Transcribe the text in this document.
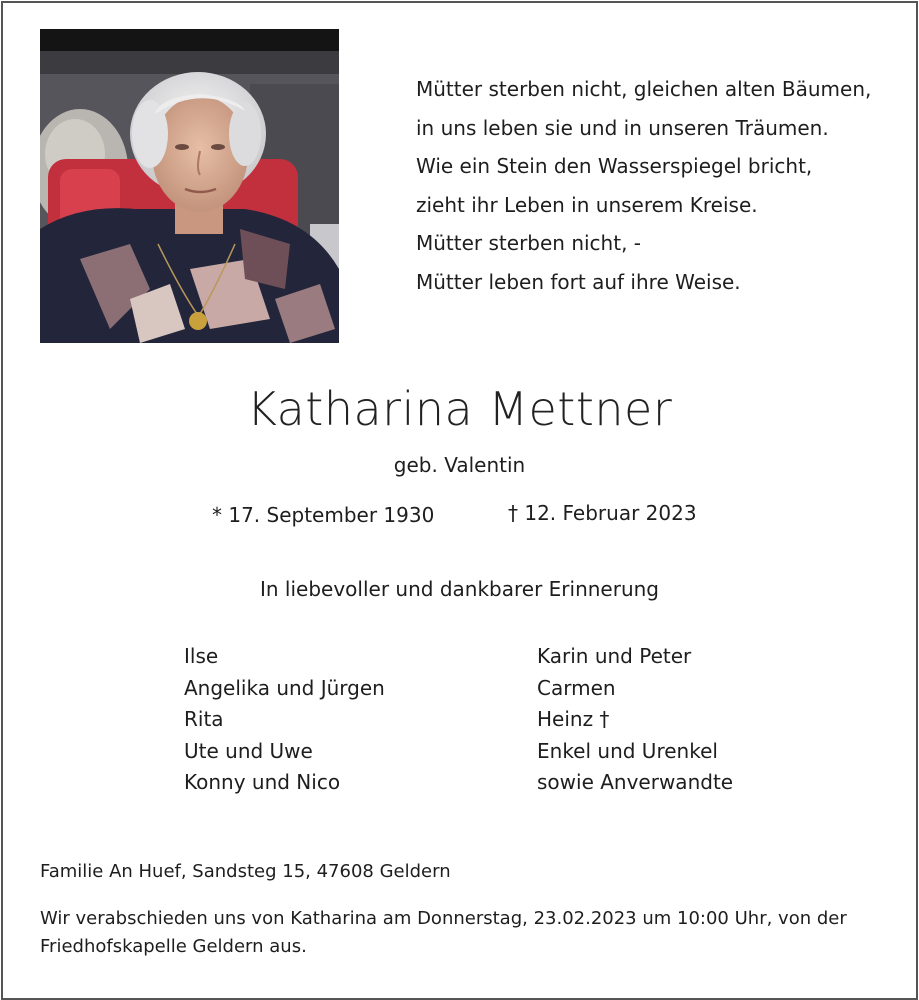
Mütter sterben nicht, gleichen alten Bäumen,
in uns leben sie und in unseren Träumen.
Wie ein Stein den Wasserspiegel bricht,
zieht ihr Leben in unserem Kreise.
Mütter sterben nicht, -
Mütter leben fort auf ihre Weise.
Katharina Mettner
geb. Valentin
* 17. September 1930	† 12. Februar 2023
In liebevoller und dankbarer Erinnerung
Ilse
Angelika und Jürgen
Rita
Ute und Uwe
Konny und Nico
Karin und Peter
Carmen
Heinz †
Enkel und Urenkel
sowie Anverwandte
Familie An Huef, Sandsteg 15, 47608 Geldern
Wir verabschieden uns von Katharina am Donnerstag, 23.02.2023 um 10:00 Uhr, von der Friedhofskapelle Geldern aus.
